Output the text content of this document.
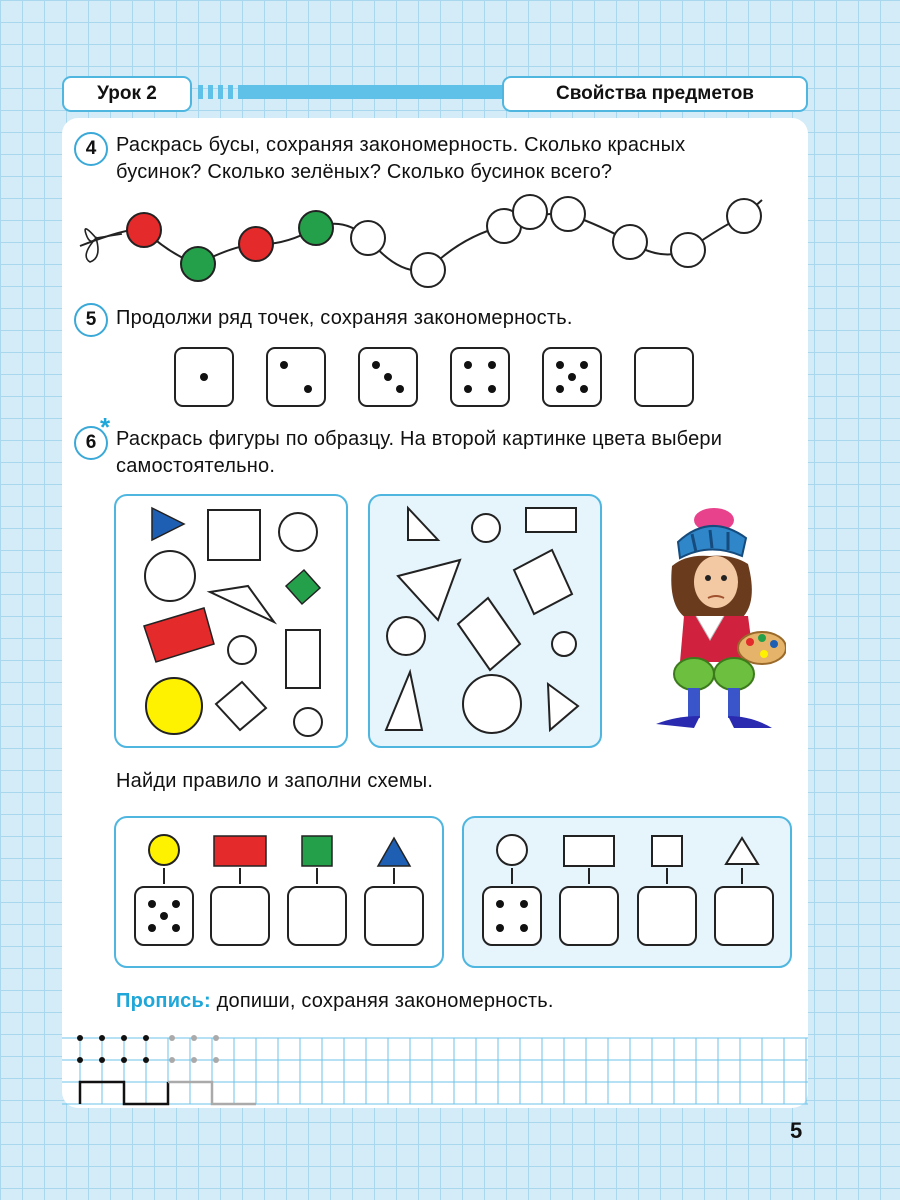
Урок 2	Свойства предметов
4 Раскрась бусы, сохраняя закономерность. Сколько красных
бусинок? Сколько зелёных? Сколько бусинок всего?
5 Продолжи ряд точек, сохраняя закономерность.
6
* Раскрась фигуры по образцу. На второй картинке цвета выбери
самостоятельно.
Найди правило и заполни схемы.
Пропись: допиши, сохраняя закономерность.
5
